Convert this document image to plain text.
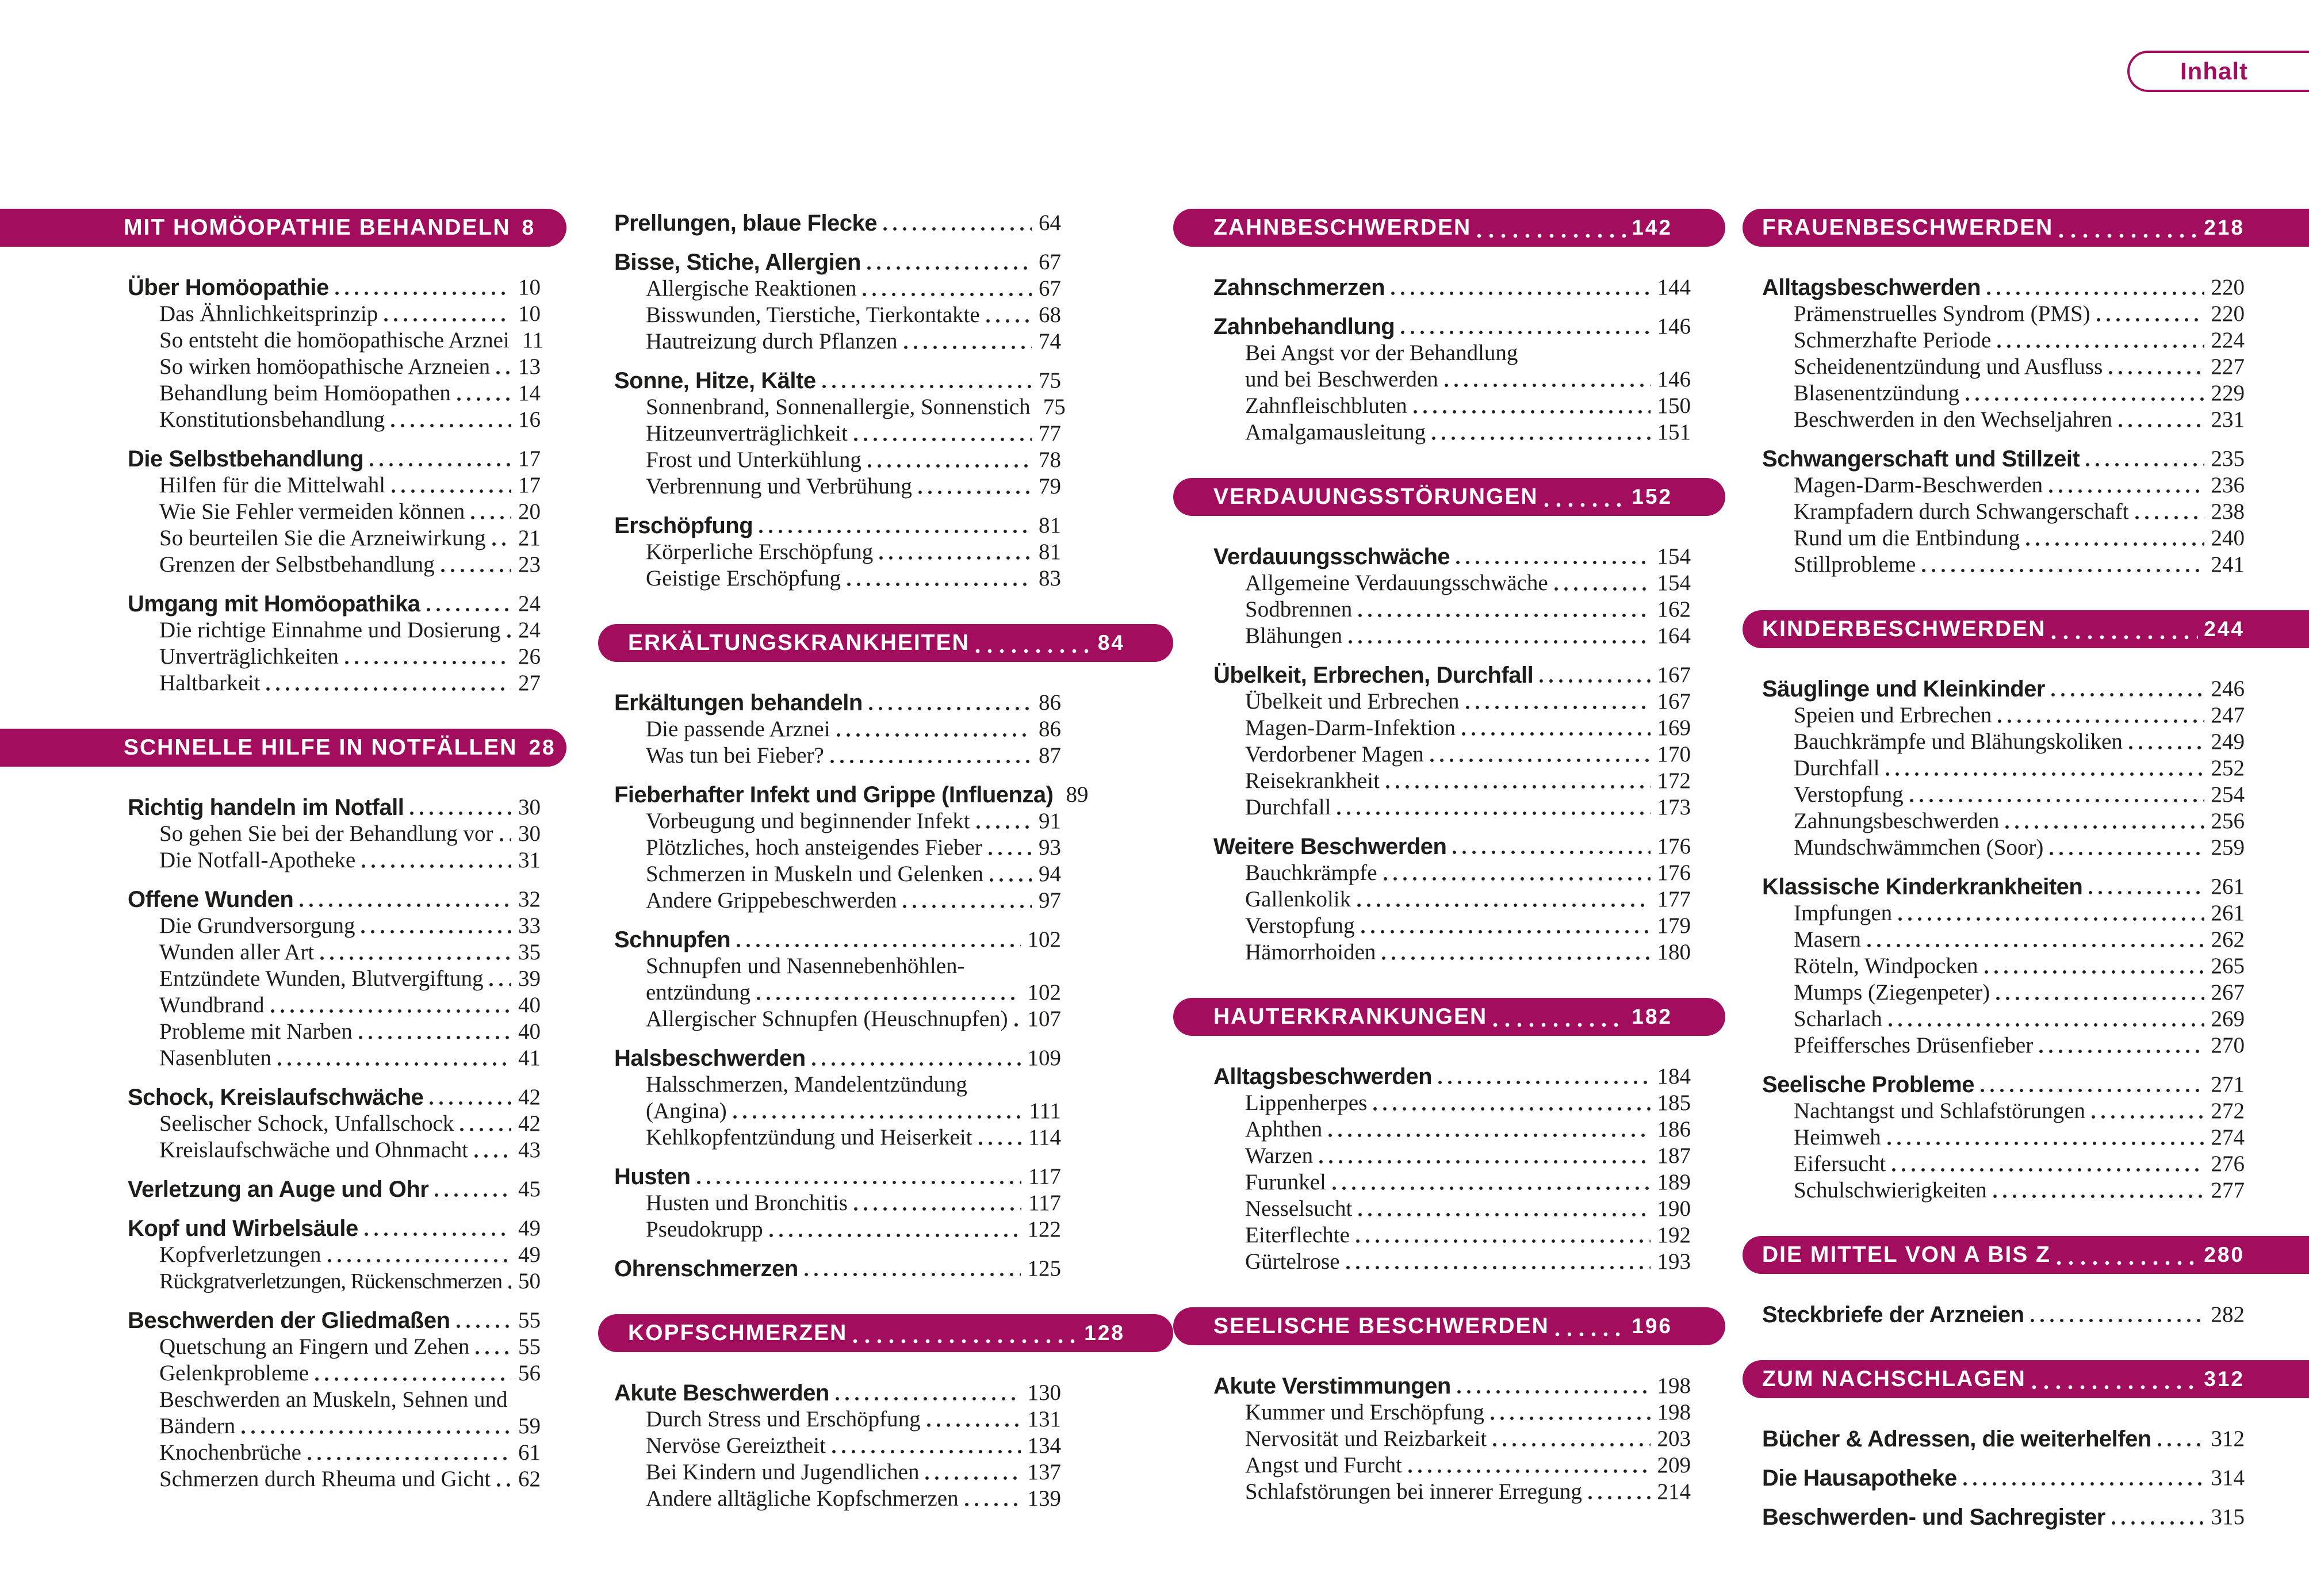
Inhalt
MIT HOMÖOPATHIE BEHANDELN 8
Über Homöopathie	10
Das Ähnlichkeitsprinzip	10
So entsteht die homöopathische Arznei 11
So wirken homöopathische Arzneien 13
Behandlung beim Homöopathen	14
Konstitutionsbehandlung	16
Die Selbstbehandlung	17
Hilfen für die Mittelwahl	17
Wie Sie Fehler vermeiden können 20
So beurteilen Sie die Arzneiwirkung 21
Grenzen der Selbstbehandlung	23
Umgang mit Homöopathika	24
Die richtige Einnahme und Dosierung 24
Unverträglichkeiten	26
Haltbarkeit	27
SCHNELLE HILFE IN NOTFÄLLEN 28
Richtig handeln im Notfall	30
So gehen Sie bei der Behandlung vor 30
Die Notfall-Apotheke	31
Offene Wunden	32
Die Grundversorgung	33
Wunden aller Art	35
Entzündete Wunden, Blutvergiftung 39
Wundbrand	40
Probleme mit Narben	40
Nasenbluten	41
Schock, Kreislaufschwäche	42
Seelischer Schock, Unfallschock	42
Kreislaufschwäche und Ohnmacht 43
Verletzung an Auge und Ohr	45
Kopf und Wirbelsäule	49
Kopfverletzungen	49
Rückgratverletzungen, Rückenschmerzen 50
Beschwerden der Gliedmaßen	55
Quetschung an Fingern und Zehen 55
Gelenkprobleme	56
Beschwerden an Muskeln, Sehnen und
Bändern	59
Knochenbrüche	61
Schmerzen durch Rheuma und Gicht 62
Prellungen, blaue Flecke	64
Bisse, Stiche, Allergien	67
Allergische Reaktionen	67
Bisswunden, Tierstiche, Tierkontakte	68
Hautreizung durch Pflanzen	74
Sonne, Hitze, Kälte	75
Sonnenbrand, Sonnenallergie, Sonnenstich 75
Hitzeunverträglichkeit	77
Frost und Unterkühlung	78
Verbrennung und Verbrühung	79
Erschöpfung	81
Körperliche Erschöpfung	81
Geistige Erschöpfung	83
ERKÄLTUNGSKRANKHEITEN	84
Erkältungen behandeln	86
Die passende Arznei	86
Was tun bei Fieber?	87
Fieberhafter Infekt und Grippe (Influenza) 89
Vorbeugung und beginnender Infekt	91
Plötzliches, hoch ansteigendes Fieber	93
Schmerzen in Muskeln und Gelenken 94
Andere Grippebeschwerden	97
Schnupfen	102
Schnupfen und Nasennebenhöhlen-
entzündung	102
Allergischer Schnupfen (Heuschnupfen) 107
Halsbeschwerden	109
Halsschmerzen, Mandelentzündung
(Angina)	111
Kehlkopfentzündung und Heiserkeit 114
Husten	117
Husten und Bronchitis	117
Pseudokrupp	122
Ohrenschmerzen	125
KOPFSCHMERZEN	128
Akute Beschwerden	130
Durch Stress und Erschöpfung	131
Nervöse Gereiztheit	134
Bei Kindern und Jugendlichen	137
Andere alltägliche Kopfschmerzen	139
ZAHNBESCHWERDEN	142
Zahnschmerzen	144
Zahnbehandlung	146
Bei Angst vor der Behandlung
und bei Beschwerden	146
Zahnfleischbluten	150
Amalgamausleitung	151
VERDAUUNGSSTÖRUNGEN	152
Verdauungsschwäche	154
Allgemeine Verdauungsschwäche	154
Sodbrennen	162
Blähungen	164
Übelkeit, Erbrechen, Durchfall	167
Übelkeit und Erbrechen	167
Magen-Darm-Infektion	169
Verdorbener Magen	170
Reisekrankheit	172
Durchfall	173
Weitere Beschwerden	176
Bauchkrämpfe	176
Gallenkolik	177
Verstopfung	179
Hämorrhoiden	180
HAUTERKRANKUNGEN	182
Alltagsbeschwerden	184
Lippenherpes	185
Aphthen	186
Warzen	187
Furunkel	189
Nesselsucht	190
Eiterflechte	192
Gürtelrose	193
SEELISCHE BESCHWERDEN	196
Akute Verstimmungen	198
Kummer und Erschöpfung	198
Nervosität und Reizbarkeit	203
Angst und Furcht	209
Schlafstörungen bei innerer Erregung	214
FRAUENBESCHWERDEN	218
Alltagsbeschwerden	220
Prämenstruelles Syndrom (PMS)	220
Schmerzhafte Periode	224
Scheidenentzündung und Ausfluss	227
Blasenentzündung	229
Beschwerden in den Wechseljahren	231
Schwangerschaft und Stillzeit	235
Magen-Darm-Beschwerden	236
Krampfadern durch Schwangerschaft	238
Rund um die Entbindung	240
Stillprobleme	241
KINDERBESCHWERDEN	244
Säuglinge und Kleinkinder	246
Speien und Erbrechen	247
Bauchkrämpfe und Blähungskoliken	249
Durchfall	252
Verstopfung	254
Zahnungsbeschwerden	256
Mundschwämmchen (Soor)	259
Klassische Kinderkrankheiten	261
Impfungen	261
Masern	262
Röteln, Windpocken	265
Mumps (Ziegenpeter)	267
Scharlach	269
Pfeiffersches Drüsenfieber	270
Seelische Probleme	271
Nachtangst und Schlafstörungen	272
Heimweh	274
Eifersucht	276
Schulschwierigkeiten	277
DIE MITTEL VON A BIS Z	280
Steckbriefe der Arzneien	282
ZUM NACHSCHLAGEN	312
Bücher & Adressen, die weiterhelfen	312
Die Hausapotheke	314
Beschwerden- und Sachregister	315
